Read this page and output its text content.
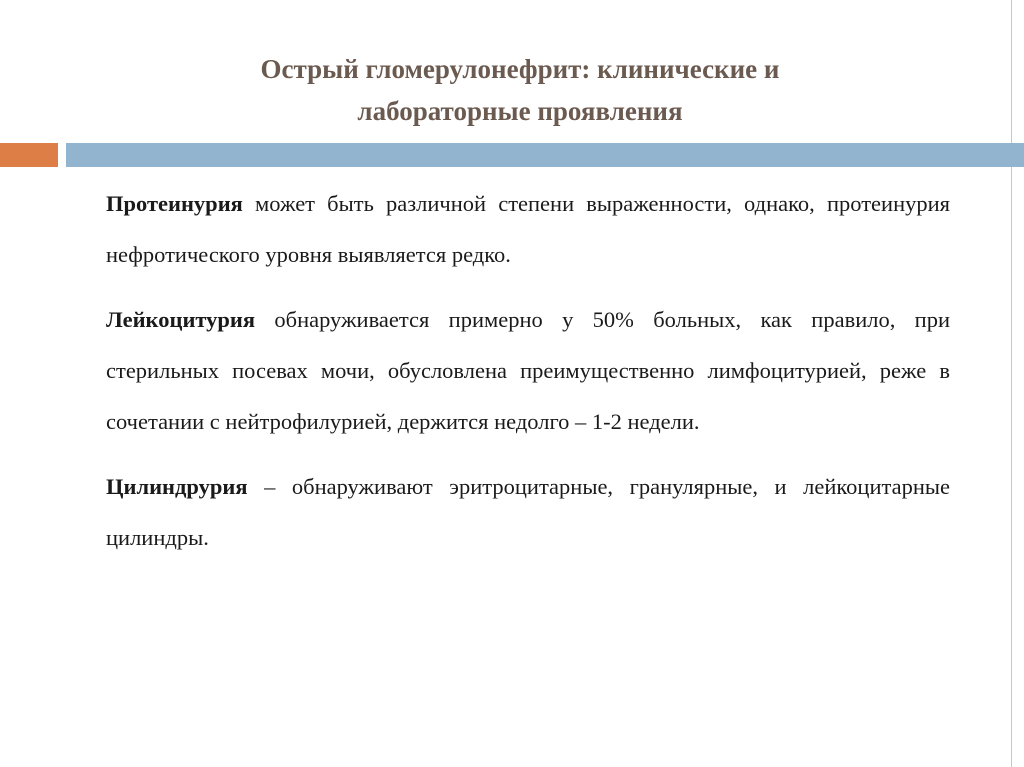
Острый гломерулонефрит: клинические и
лабораторные проявления

Протеинурия может быть различной степени выраженности, однако, протеинурия нефротического уровня выявляется редко.

Лейкоцитурия обнаруживается примерно у 50% больных, как правило, при стерильных посевах мочи, обусловлена преимущественно лимфоцитурией, реже в сочетании с нейтрофилурией, держится недолго – 1-2 недели.

Цилиндрурия – обнаруживают эритроцитарные, гранулярные, и лейкоцитарные цилиндры.
